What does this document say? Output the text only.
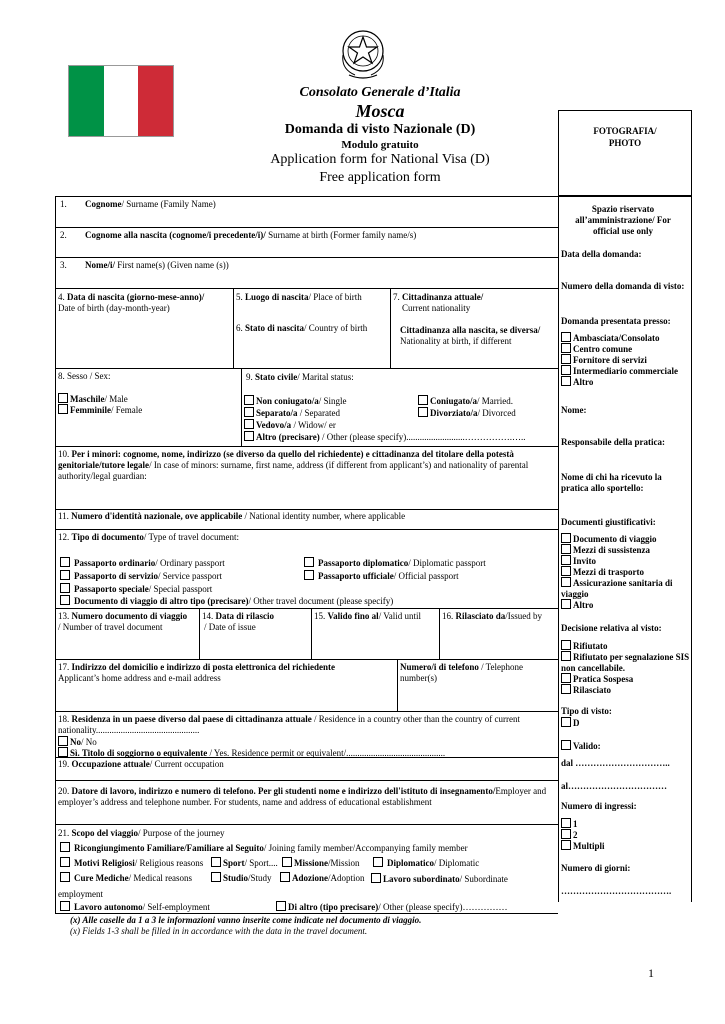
Consolato Generale d’Italia
Mosca
Domanda di visto Nazionale (D)
Modulo gratuito
Application form for National Visa (D)
Free application form
FOTOGRAFIA/ PHOTO
Spazio riservato all’amministrazione/ For official use only
Data della domanda:
Numero della domanda di visto:
Domanda presentata presso:
Ambasciata/Consolato
Centro comune
Fornitore di servizi
Intermediario commerciale
Altro
Nome:
Responsabile della pratica:
Nome di chi ha ricevuto la pratica allo sportello:
Documenti giustificativi:
Documento di viaggio
Mezzi di sussistenza
Invito
Mezzi di trasporto
Assicurazione sanitaria di viaggio
Altro
Decisione relativa al visto:
Rifiutato
Rifiutato per segnalazione SIS non cancellabile.
Pratica Sospesa
Rilasciato
Tipo di visto:
D
Valido:
dal …………………………..
al……………………………
Numero di ingressi:
1
2
Multipli
Numero di giorni:
……………………………….
1. Cognome/ Surname (Family Name)
2. Cognome alla nascita (cognome/i precedente/i)/ Surname at birth (Former family name/s)
3. Nome/i/ First name(s) (Given name (s))
4. Data di nascita (giorno-mese-anno)/
Date of birth (day-month-year)
5. Luogo di nascita/ Place of birth
6. Stato di nascita/ Country of birth
7. Cittadinanza attuale/
Current nationality
Cittadinanza alla nascita, se diversa/
Nationality at birth, if different
8. Sesso / Sex:
Maschile/ Male
Femminile/ Female
9. Stato civile/ Marital status:
Non coniugato/a/ Single	Coniugato/a/ Married.
Separato/a / Separated	Divorziato/a/ Divorced
Vedovo/a / Widow/ er
Altro (precisare) / Other (please specify)..........................…………….…..
10. Per i minori: cognome, nome, indirizzo (se diverso da quello del richiedente) e cittadinanza del titolare della potestà genitoriale/tutore legale/ In case of minors: surname, first name, address (if different from applicant’s) and nationality of parental authority/legal guardian:
11. Numero d'identità nazionale, ove applicabile / National identity number, where applicable
12. Tipo di documento/ Type of travel document:
Passaporto ordinario/ Ordinary passport	Passaporto diplomatico/ Diplomatic passport
Passaporto di servizio/ Service passport	Passaporto ufficiale/ Official passport
Passaporto speciale/ Special passport
Documento di viaggio di altro tipo (precisare)/ Other travel document (please specify)
13. Numero documento di viaggio
/ Number of travel document
14. Data di rilascio
/ Date of issue
15. Valido fino al/ Valid until 16. Rilasciato da/Issued by
17. Indirizzo del domicilio e indirizzo di posta elettronica del richiedente
Applicant’s home address and e-mail address
Numero/i di telefono / Telephone number(s)
18. Residenza in un paese diverso dal paese di cittadinanza attuale / Residence in a country other than the country of current nationality..............................................
No/ No
Sì. Titolo di soggiorno o equivalente / Yes. Residence permit or equivalent/............................................
19. Occupazione attuale/ Current occupation
20. Datore di lavoro, indirizzo e numero di telefono. Per gli studenti nome e indirizzo dell'istituto di insegnamento/Employer and employer’s address and telephone number. For students, name and address of educational establishment
21. Scopo del viaggio/ Purpose of the journey
Ricongiungimento Familiare/Familiare al Seguito/ Joining family member/Accompanying family member
Motivi Religiosi/ Religious reasons	Sport/ Sport....	Missione/Mission	Diplomatico/ Diplomatic
Cure Mediche/ Medical reasons	Studio/Study	Adozione/Adoption	Lavoro subordinato/ Subordinate employment
Lavoro autonomo/ Self-employment	Di altro (tipo precisare)/ Other (please specify)……………
(x) Alle caselle da 1 a 3 le informazioni vanno inserite come indicate nel documento di viaggio.
(x) Fields 1-3 shall be filled in in accordance with the data in the travel document.
1
